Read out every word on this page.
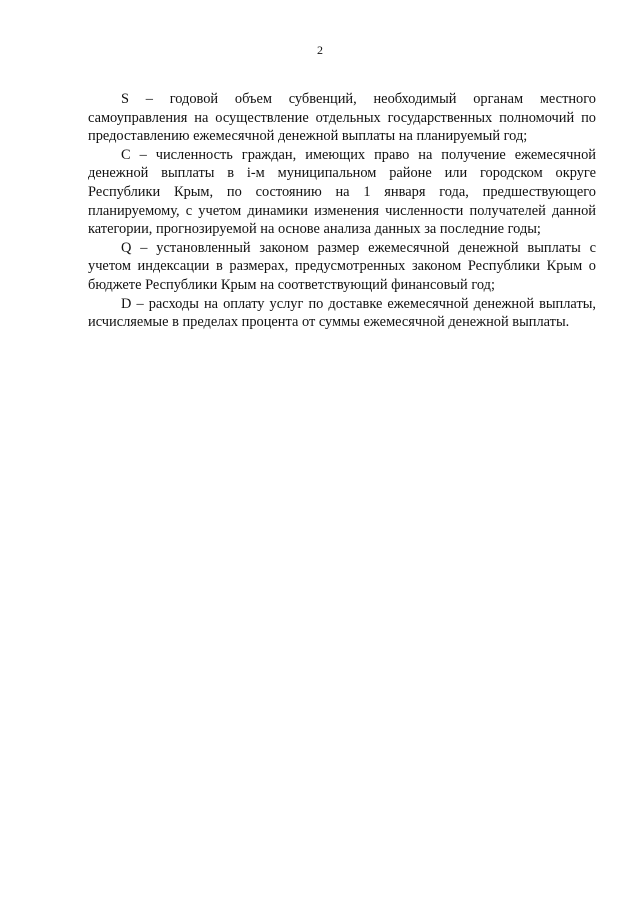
2

S – годовой объем субвенций, необходимый органам местного самоуправления на осуществление отдельных государственных полномочий по предоставлению ежемесячной денежной выплаты на планируемый год;

С – численность граждан, имеющих право на получение ежемесячной денежной выплаты в i-м муниципальном районе или городском округе Республики Крым, по состоянию на 1 января года, предшествующего планируемому, с учетом динамики изменения численности получателей данной категории, прогнозируемой на основе анализа данных за последние годы;

Q – установленный законом размер ежемесячной денежной выплаты с учетом индексации в размерах, предусмотренных законом Республики Крым о бюджете Республики Крым на соответствующий финансовый год;

D – расходы на оплату услуг по доставке ежемесячной денежной выплаты, исчисляемые в пределах процента от суммы ежемесячной денежной выплаты.
